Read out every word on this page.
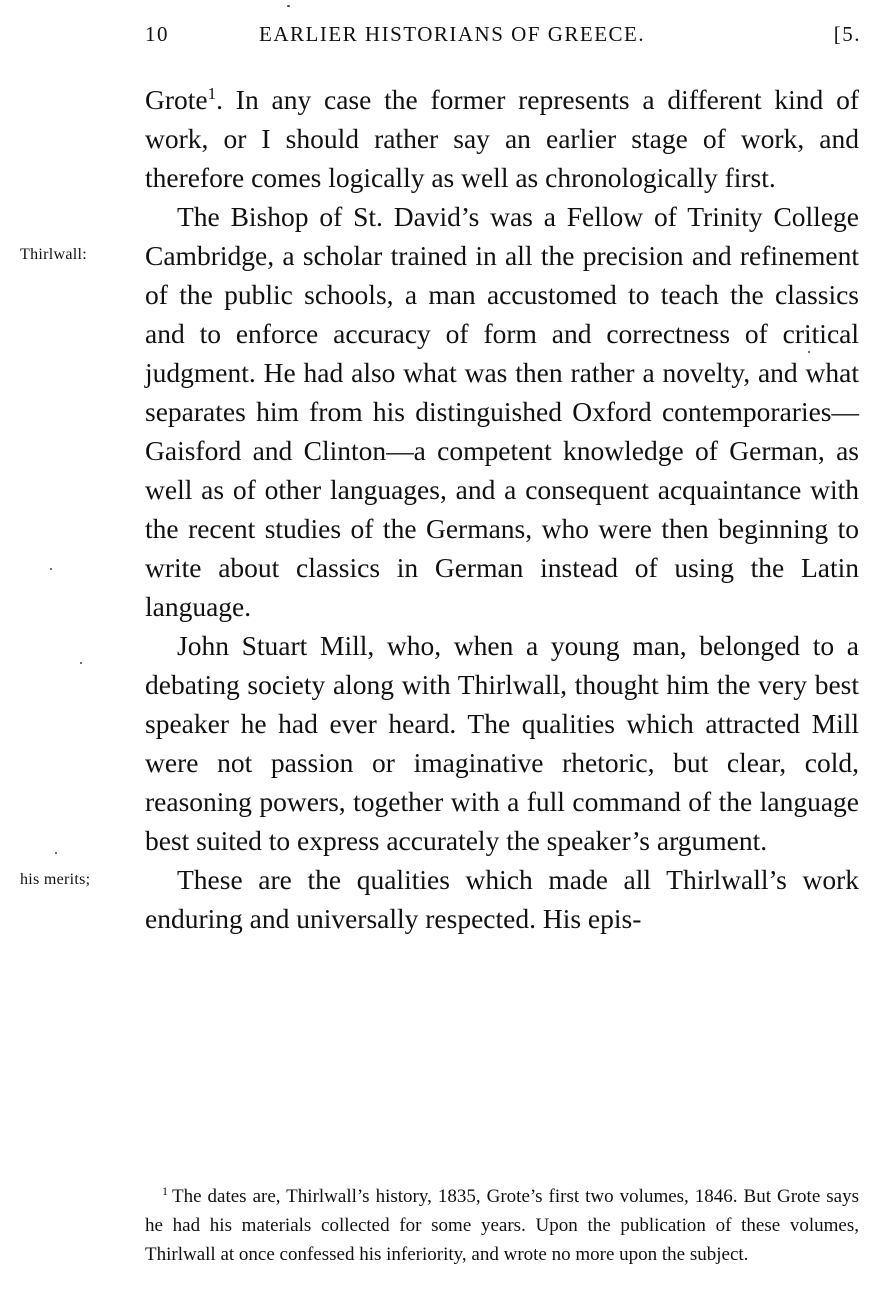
10	EARLIER HISTORIANS OF GREECE.	[5.
Thirlwall:
his merits;

Grote$^1$. In any case the former represents a different kind of work, or I should rather say an earlier stage of work, and therefore comes logically as well as chronologically first.

The Bishop of St. David’s was a Fellow of Trinity College Cambridge, a scholar trained in all the precision and refinement of the public schools, a man accustomed to teach the classics and to enforce accuracy of form and correctness of critical judgment. He had also what was then rather a novelty, and what separates him from his distinguished Oxford contemporaries—Gaisford and Clinton—a competent knowledge of German, as well as of other languages, and a consequent acquaintance with the recent studies of the Germans, who were then beginning to write about classics in German instead of using the Latin language.

John Stuart Mill, who, when a young man, belonged to a debating society along with Thirlwall, thought him the very best speaker he had ever heard. The qualities which attracted Mill were not passion or imaginative rhetoric, but clear, cold, reasoning powers, together with a full command of the language best suited to express accurately the speaker’s argument.

These are the qualities which made all Thirlwall’s work enduring and universally respected. His epis-

$^1$ The dates are, Thirlwall’s history, 1835, Grote’s first two volumes, 1846. But Grote says he had his materials collected for some years. Upon the publication of these volumes, Thirlwall at once confessed his inferiority, and wrote no more upon the subject.
